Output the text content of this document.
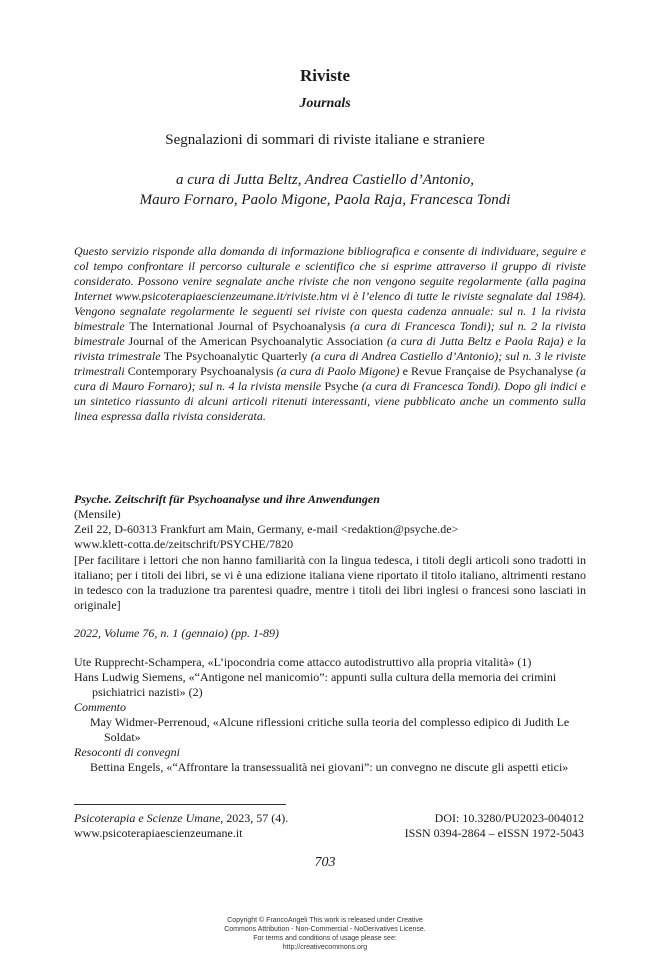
Riviste
Journals
Segnalazioni di sommari di riviste italiane e straniere
a cura di Jutta Beltz, Andrea Castiello d’Antonio,
Mauro Fornaro, Paolo Migone, Paola Raja, Francesca Tondi
Questo servizio risponde alla domanda di informazione bibliografica e consente di individuare, seguire e col tempo confrontare il percorso culturale e scientifico che si esprime attraverso il gruppo di riviste considerato. Possono venire segnalate anche riviste che non vengono seguite regolarmente (alla pagina Internet www.psicoterapiaescienzeumane.it/riviste.htm vi è l’elenco di tutte le riviste segnalate dal 1984). Vengono segnalate regolarmente le seguenti sei riviste con questa cadenza annuale: sul n. 1 la rivista bimestrale The International Journal of Psychoanalysis (a cura di Francesca Tondi); sul n. 2 la rivista bimestrale Journal of the American Psychoanalytic Association (a cura di Jutta Beltz e Paola Raja) e la rivista trimestrale The Psychoanalytic Quarterly (a cura di Andrea Castiello d’Antonio); sul n. 3 le riviste trimestrali Contemporary Psychoanalysis (a cura di Paolo Migone) e Revue Française de Psychanalyse (a cura di Mauro Fornaro); sul n. 4 la rivista mensile Psyche (a cura di Francesca Tondi). Dopo gli indici e un sintetico riassunto di alcuni articoli ritenuti interessanti, viene pubblicato anche un commento sulla linea espressa dalla rivista considerata.
Psyche. Zeitschrift für Psychoanalyse und ihre Anwendungen
(Mensile)
Zeil 22, D-60313 Frankfurt am Main, Germany, e-mail <redaktion@psyche.de>
www.klett-cotta.de/zeitschrift/PSYCHE/7820
[Per facilitare i lettori che non hanno familiarità con la lingua tedesca, i titoli degli articoli sono tradotti in italiano; per i titoli dei libri, se vi è una edizione italiana viene riportato il titolo italiano, altrimenti restano in tedesco con la traduzione tra parentesi quadre, mentre i titoli dei libri inglesi o francesi sono lasciati in originale]
2022, Volume 76, n. 1 (gennaio) (pp. 1-89)

Ute Rupprecht-Schampera, «L’ipocondria come attacco autodistruttivo alla propria vitalità» (1)

Hans Ludwig Siemens, «“Antigone nel manicomio”: appunti sulla cultura della memoria dei crimini psichiatrici nazisti» (2)

Commento

May Widmer-Perrenoud, «Alcune riflessioni critiche sulla teoria del complesso edipico di Judith Le Soldat»

Resoconti di convegni

Bettina Engels, «“Affrontare la transessualità nei giovani”: un convegno ne discute gli aspetti etici»

Psicoterapia e Scienze Umane, 2023, 57 (4).
www.psicoterapiaescienzeumane.it
DOI: 10.3280/PU2023-004012
ISSN 0394-2864 – eISSN 1972-5043
703
Copyright © FrancoAngeli This work is released under Creative
Commons Attribution - Non-Commercial - NoDerivatives License.
For terms and conditions of usage please see:
http://creativecommons.org
